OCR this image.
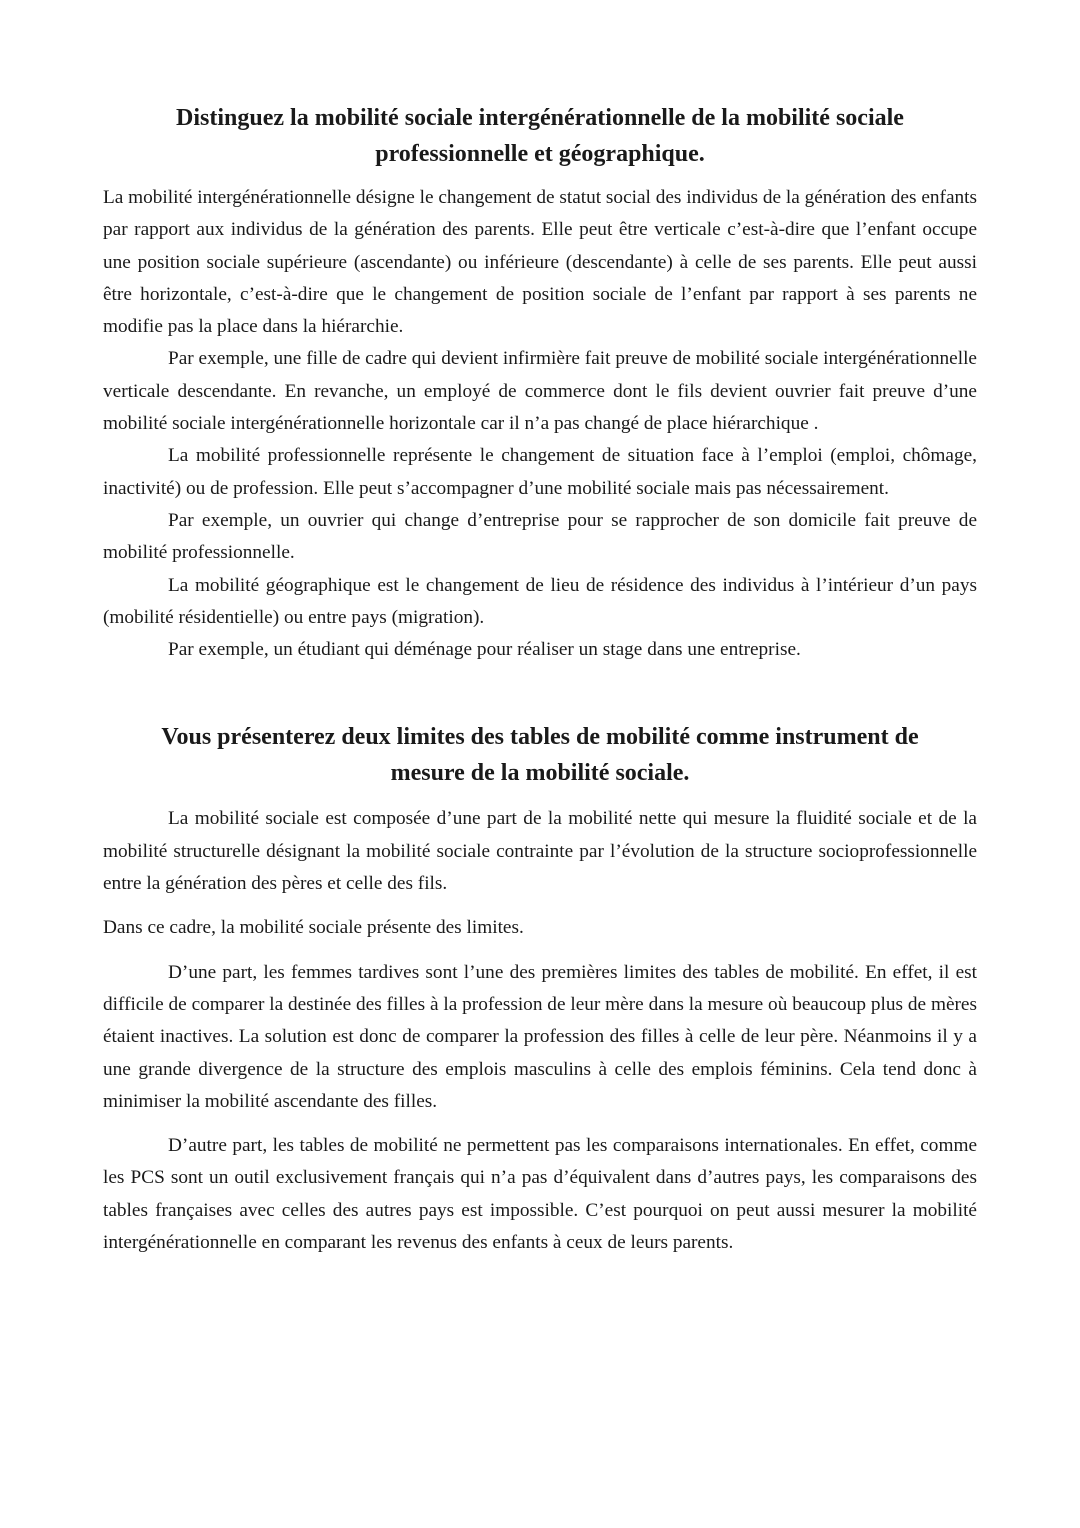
Distinguez la mobilité sociale intergénérationnelle de la mobilité sociale
professionnelle et géographique.

La mobilité intergénérationnelle désigne le changement de statut social des individus de la génération des enfants par rapport aux individus de la génération des parents. Elle peut être verticale c’est-à-dire que l’enfant occupe une position sociale supérieure (ascendante) ou inférieure (descendante) à celle de ses parents. Elle peut aussi être horizontale, c’est-à-dire que le changement de position sociale de l’enfant par rapport à ses parents ne modifie pas la place dans la hiérarchie.

Par exemple, une fille de cadre qui devient infirmière fait preuve de mobilité sociale intergénérationnelle verticale descendante. En revanche, un employé de commerce dont le fils devient ouvrier fait preuve d’une mobilité sociale intergénérationnelle horizontale car il n’a pas changé de place hiérarchique .

La mobilité professionnelle représente le changement de situation face à l’emploi (emploi, chômage, inactivité) ou de profession. Elle peut s’accompagner d’une mobilité sociale mais pas nécessairement.

Par exemple, un ouvrier qui change d’entreprise pour se rapprocher de son domicile fait preuve de mobilité professionnelle.

La mobilité géographique est le changement de lieu de résidence des individus à l’intérieur d’un pays (mobilité résidentielle) ou entre pays (migration).

Par exemple, un étudiant qui déménage pour réaliser un stage dans une entreprise.

Vous présenterez deux limites des tables de mobilité comme instrument de
mesure de la mobilité sociale.

La mobilité sociale est composée d’une part de la mobilité nette qui mesure la fluidité sociale et de la mobilité structurelle désignant la mobilité sociale contrainte par l’évolution de la structure socioprofessionnelle entre la génération des pères et celle des fils.

Dans ce cadre, la mobilité sociale présente des limites.

D’une part, les femmes tardives sont l’une des premières limites des tables de mobilité. En effet, il est difficile de comparer la destinée des filles à la profession de leur mère dans la mesure où beaucoup plus de mères étaient inactives. La solution est donc de comparer la profession des filles à celle de leur père. Néanmoins il y a une grande divergence de la structure des emplois masculins à celle des emplois féminins. Cela tend donc à minimiser la mobilité ascendante des filles.

D’autre part, les tables de mobilité ne permettent pas les comparaisons internationales. En effet, comme les PCS sont un outil exclusivement français qui n’a pas d’équivalent dans d’autres pays, les comparaisons des tables françaises avec celles des autres pays est impossible. C’est pourquoi on peut aussi mesurer la mobilité intergénérationnelle en comparant les revenus des enfants à ceux de leurs parents.
